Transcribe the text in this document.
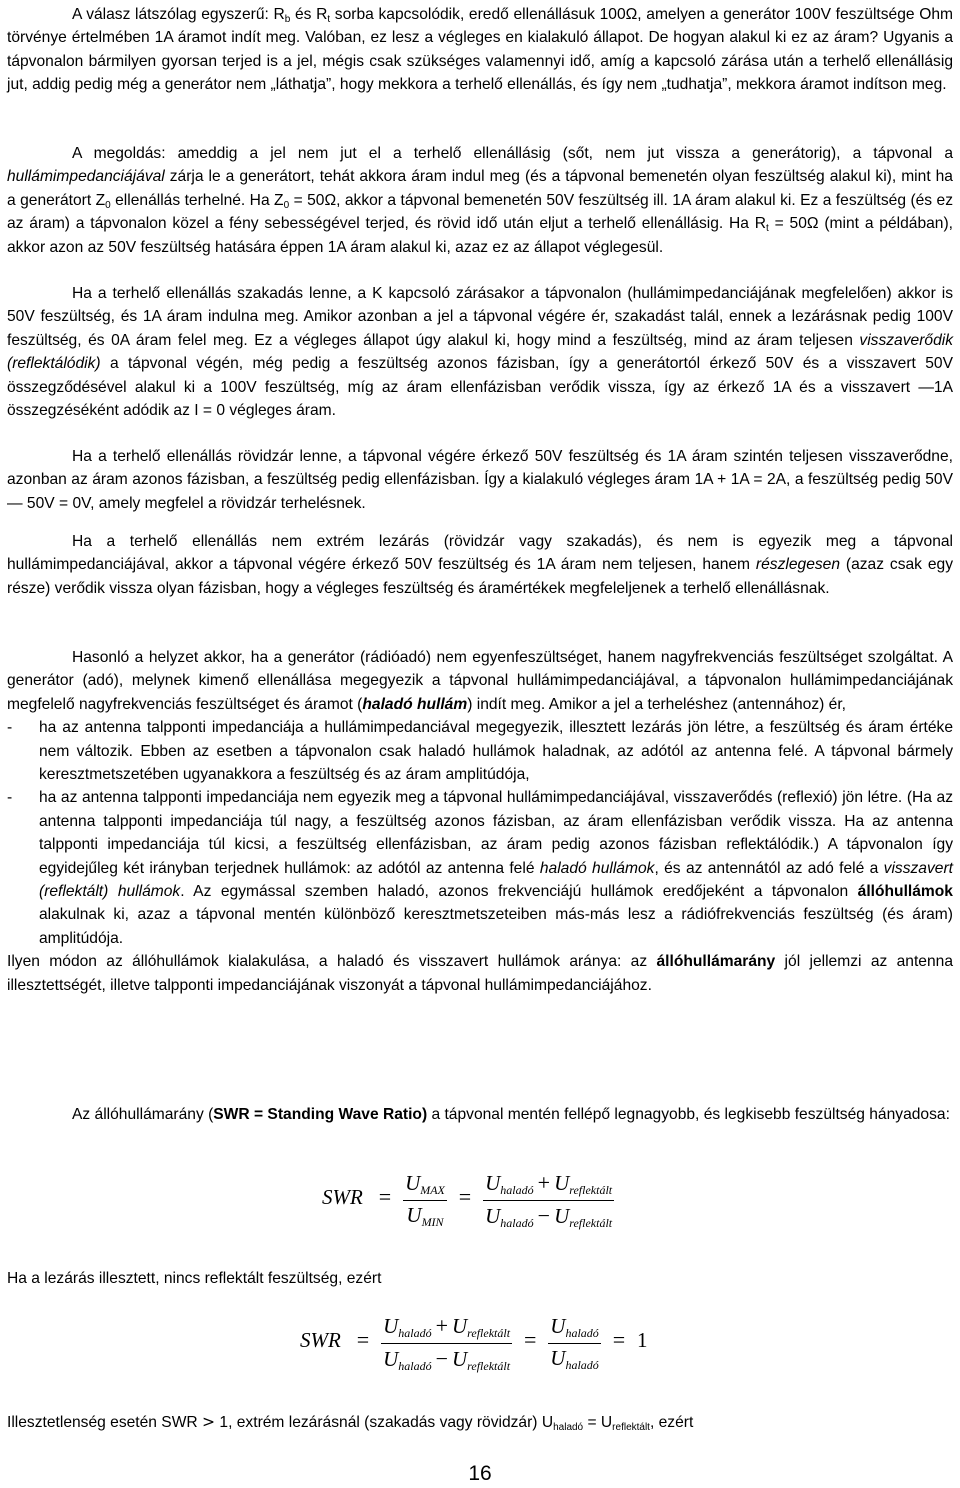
A válasz látszólag egyszerű: $R_b$ és $R_t$ sorba kapcsolódik, eredő ellenállásuk 100Ω, amelyen a generátor 100V feszültsége Ohm törvénye értelmében 1A áramot indít meg. Valóban, ez lesz a végleges en kialakuló állapot. De hogyan alakul ki ez az áram? Ugyanis a tápvonalon bármilyen gyorsan terjed is a jel, mégis csak szükséges valamennyi idő, amíg a kapcsoló zárása után a terhelő ellenállásig jut, addig pedig még a generátor nem „láthatja”, hogy mekkora a terhelő ellenállás, és így nem „tudhatja”, mekkora áramot indítson meg.

A megoldás: ameddig a jel nem jut el a terhelő ellenállásig (sőt, nem jut vissza a generátorig), a tápvonal a hullámimpedanciájával zárja le a generátort, tehát akkora áram indul meg (és a tápvonal bemenetén olyan feszültség alakul ki), mint ha a generátort $Z_0$ ellenállás terhelné. Ha $Z_0 = 50\Omega$, akkor a tápvonal bemenetén 50V feszültség ill. 1A áram alakul ki. Ez a feszültség (és ez az áram) a tápvonalon közel a fény sebességével terjed, és rövid idő után eljut a terhelő ellenállásig. Ha $R_t = 50\Omega$ (mint a példában), akkor azon az 50V feszültség hatására éppen 1A áram alakul ki, azaz ez az állapot véglegesül.

Ha a terhelő ellenállás szakadás lenne, a K kapcsoló zárásakor a tápvonalon (hullámimpedanciájának megfelelően) akkor is 50V feszültség, és 1A áram indulna meg. Amikor azonban a jel a tápvonal végére ér, szakadást talál, ennek a lezárásnak pedig 100V feszültség, és 0A áram felel meg. Ez a végleges állapot úgy alakul ki, hogy mind a feszültség, mind az áram teljesen visszaverődik (reflektálódik) a tápvonal végén, még pedig a feszültség azonos fázisban, így a generátortól érkező 50V és a visszavert 50V összegződésével alakul ki a 100V feszültség, míg az áram ellenfázisban verődik vissza, így az érkező 1A és a visszavert —1A összegzéséként adódik az I = 0 végleges áram.

Ha a terhelő ellenállás rövidzár lenne, a tápvonal végére érkező 50V feszültség és 1A áram szintén teljesen visszaverődne, azonban az áram azonos fázisban, a feszültség pedig ellenfázisban. Így a kialakuló végleges áram 1A + 1A = 2A, a feszültség pedig 50V — 50V = 0V, amely megfelel a rövidzár terhelésnek.

Ha a terhelő ellenállás nem extrém lezárás (rövidzár vagy szakadás), és nem is egyezik meg a tápvonal hullámimpedanciájával, akkor a tápvonal végére érkező 50V feszültség és 1A áram nem teljesen, hanem részlegesen (azaz csak egy része) verődik vissza olyan fázisban, hogy a végleges feszültség és áramértékek megfeleljenek a terhelő ellenállásnak.

Hasonló a helyzet akkor, ha a generátor (rádióadó) nem egyenfeszültséget, hanem nagyfrekvenciás feszültséget szolgáltat. A generátor (adó), melynek kimenő ellenállása megegyezik a tápvonal hullámimpedanciájával, a tápvonalon hullámimpedanciájának megfelelő nagyfrekvenciás feszültséget és áramot (haladó hullám) indít meg. Amikor a jel a terheléshez (antennához) ér,

-	ha az antenna talpponti impedanciája a hullámimpedanciával megegyezik, illesztett lezárás jön létre, a feszültség és áram értéke nem változik. Ebben az esetben a tápvonalon csak haladó hullámok haladnak, az adótól az antenna felé. A tápvonal bármely keresztmetszetében ugyanakkora a feszültség és az áram amplitúdója,
-	ha az antenna talpponti impedanciája nem egyezik meg a tápvonal hullámimpedanciájával, visszaverődés (reflexió) jön létre. (Ha az antenna talpponti impedanciája túl nagy, a feszültség azonos fázisban, az áram ellenfázisban verődik vissza. Ha az antenna talpponti impedanciája túl kicsi, a feszültség ellenfázisban, az áram pedig azonos fázisban reflektálódik.) A tápvonalon így egyidejűleg két irányban terjednek hullámok: az adótól az antenna felé haladó hullámok, és az antennától az adó felé a visszavert (reflektált) hullámok. Az egymással szemben haladó, azonos frekvenciájú hullámok eredőjeként a tápvonalon állóhullámok alakulnak ki, azaz a tápvonal mentén különböző keresztmetszeteiben más-más lesz a rádiófrekvenciás feszültség (és áram) amplitúdója.

Ilyen módon az állóhullámok kialakulása, a haladó és visszavert hullámok aránya: az állóhullámarány jól jellemzi az antenna illesztettségét, illetve talpponti impedanciájának viszonyát a tápvonal hullámimpedanciájához.

Az állóhullámarány (SWR = Standing Wave Ratio) a tápvonal mentén fellépő legnagyobb, és legkisebb feszültség hányadosa:

SWR = $\frac{U_{MAX}}{U_{MIN}} = \frac{U_{haladó} + U_{reflektált}}{U_{haladó} - U_{reflektált}}$

Ha a lezárás illesztett, nincs reflektált feszültség, ezért

SWR = $\frac{U_{haladó} + U_{reflektált}}{U_{haladó} - U_{reflektált}} = \frac{U_{haladó}}{U_{haladó}} = 1$

Illesztetlenség esetén SWR > 1, extrém lezárásnál (szakadás vagy rövidzár) $U_{haladó} = U_{reflektált}$, ezért

16
